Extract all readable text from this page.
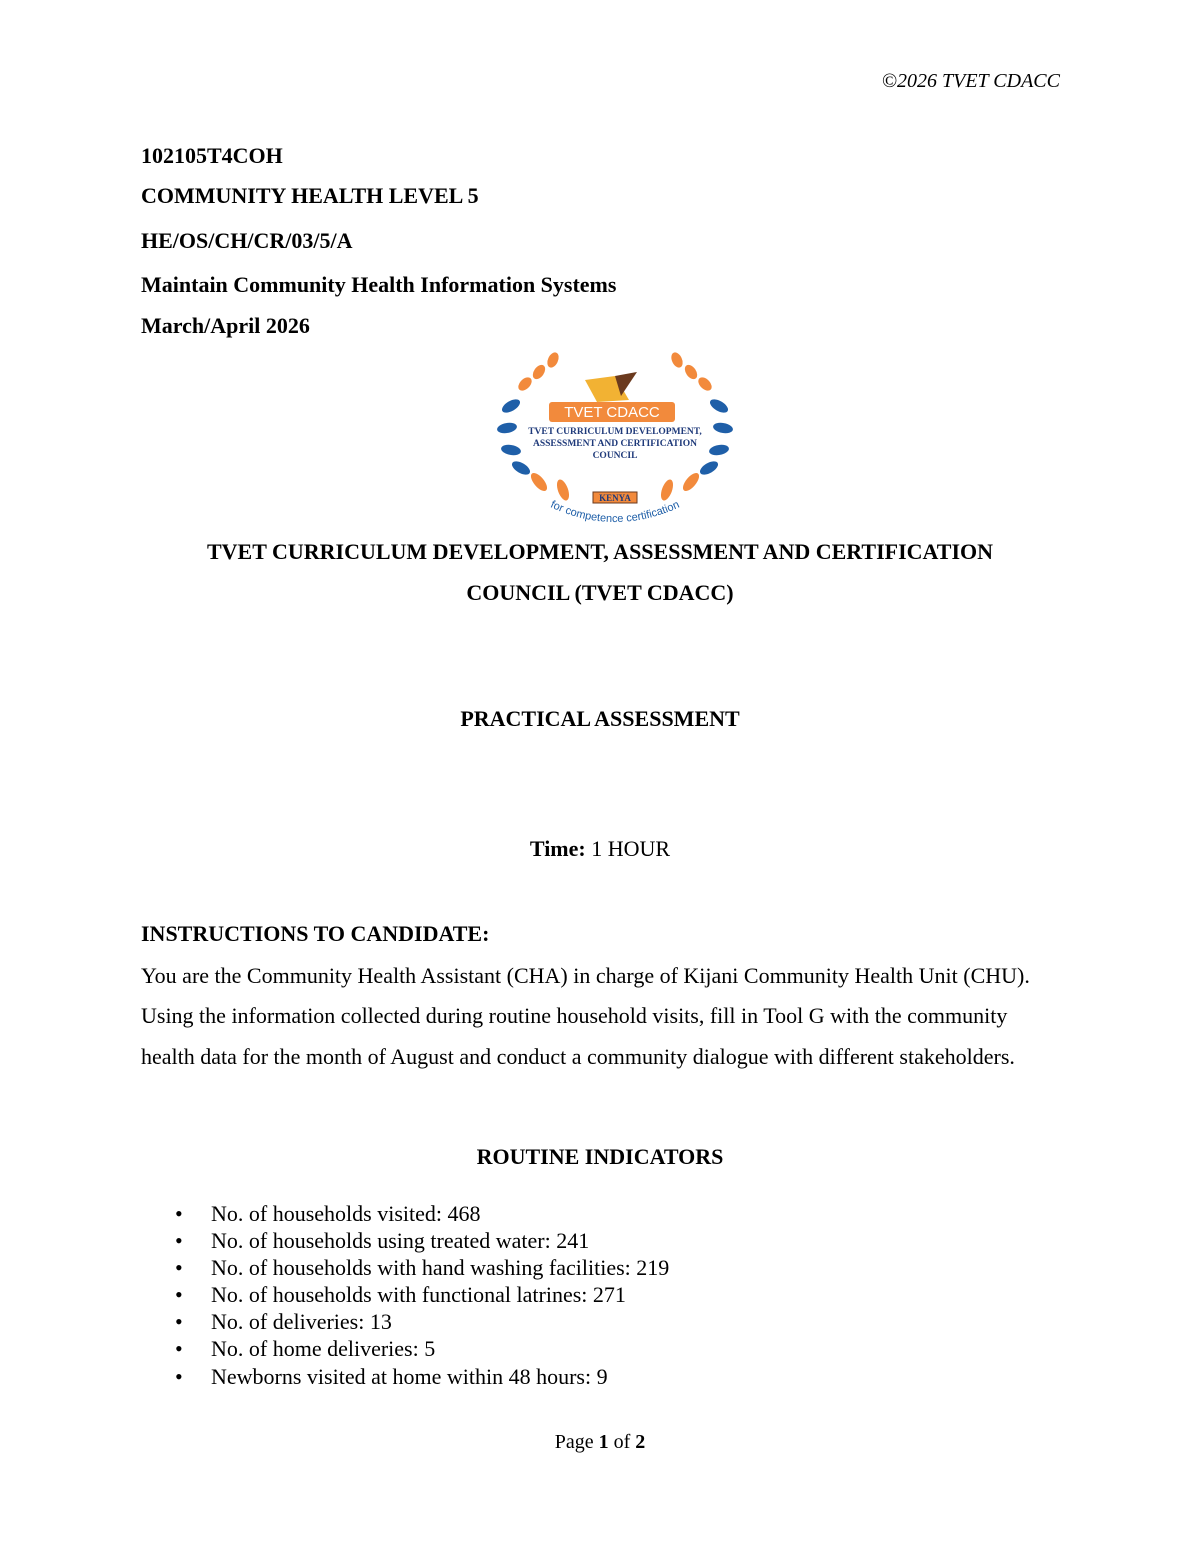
©2026 TVET CDACC
102105T4COH
COMMUNITY HEALTH LEVEL 5
HE/OS/CH/CR/03/5/A
Maintain Community Health Information Systems
March/April 2026
TVET CDACC
TVET CURRICULUM DEVELOPMENT,
ASSESSMENT AND CERTIFICATION
COUNCIL
KENYA
for competence certification
TVET CURRICULUM DEVELOPMENT, ASSESSMENT AND CERTIFICATION
COUNCIL (TVET CDACC)
PRACTICAL ASSESSMENT
Time: 1 HOUR
INSTRUCTIONS TO CANDIDATE:
You are the Community Health Assistant (CHA) in charge of Kijani Community Health Unit (CHU). Using the information collected during routine household visits, fill in Tool G with the community health data for the month of August and conduct a community dialogue with different stakeholders.
ROUTINE INDICATORS
• No. of households visited: 468
• No. of households using treated water: 241
• No. of households with hand washing facilities: 219
• No. of households with functional latrines: 271
• No. of deliveries: 13
• No. of home deliveries: 5
• Newborns visited at home within 48 hours: 9
Page 1 of 2
